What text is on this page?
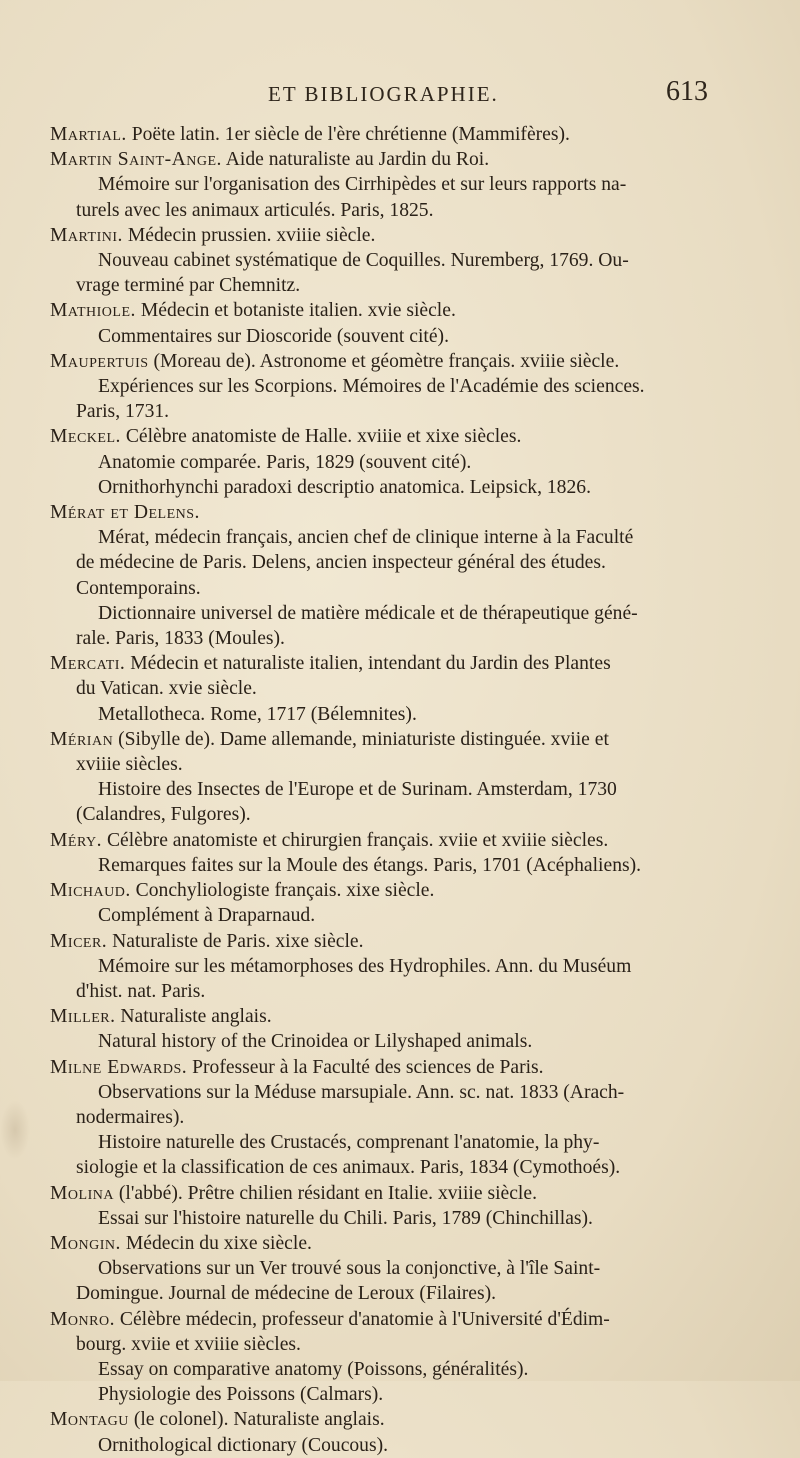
ET BIBLIOGRAPHIE.	613

Martial. Poëte latin. 1er siècle de l'ère chrétienne (Mammifères).

Martin Saint-Ange. Aide naturaliste au Jardin du Roi.

Mémoire sur l'organisation des Cirrhipèdes et sur leurs rapports na-

turels avec les animaux articulés. Paris, 1825.

Martini. Médecin prussien. xviiie siècle.

Nouveau cabinet systématique de Coquilles. Nuremberg, 1769. Ou-

vrage terminé par Chemnitz.

Mathiole. Médecin et botaniste italien. xvie siècle.

Commentaires sur Dioscoride (souvent cité).

Maupertuis (Moreau de). Astronome et géomètre français. xviiie siècle.

Expériences sur les Scorpions. Mémoires de l'Académie des sciences.

Paris, 1731.

Meckel. Célèbre anatomiste de Halle. xviiie et xixe siècles.

Anatomie comparée. Paris, 1829 (souvent cité).

Ornithorhynchi paradoxi descriptio anatomica. Leipsick, 1826.

Mérat et Delens.

Mérat, médecin français, ancien chef de clinique interne à la Faculté

de médecine de Paris. Delens, ancien inspecteur général des études.

Contemporains.

Dictionnaire universel de matière médicale et de thérapeutique géné-

rale. Paris, 1833 (Moules).

Mercati. Médecin et naturaliste italien, intendant du Jardin des Plantes

du Vatican. xvie siècle.

Metallotheca. Rome, 1717 (Bélemnites).

Mérian (Sibylle de). Dame allemande, miniaturiste distinguée. xviie et

xviiie siècles.

Histoire des Insectes de l'Europe et de Surinam. Amsterdam, 1730

(Calandres, Fulgores).

Méry. Célèbre anatomiste et chirurgien français. xviie et xviiie siècles.

Remarques faites sur la Moule des étangs. Paris, 1701 (Acéphaliens).

Michaud. Conchyliologiste français. xixe siècle.

Complément à Draparnaud.

Micer. Naturaliste de Paris. xixe siècle.

Mémoire sur les métamorphoses des Hydrophiles. Ann. du Muséum

d'hist. nat. Paris.

Miller. Naturaliste anglais.

Natural history of the Crinoidea or Lilyshaped animals.

Milne Edwards. Professeur à la Faculté des sciences de Paris.

Observations sur la Méduse marsupiale. Ann. sc. nat. 1833 (Arach-

nodermaires).

Histoire naturelle des Crustacés, comprenant l'anatomie, la phy-

siologie et la classification de ces animaux. Paris, 1834 (Cymothoés).

Molina (l'abbé). Prêtre chilien résidant en Italie. xviiie siècle.

Essai sur l'histoire naturelle du Chili. Paris, 1789 (Chinchillas).

Mongin. Médecin du xixe siècle.

Observations sur un Ver trouvé sous la conjonctive, à l'île Saint-

Domingue. Journal de médecine de Leroux (Filaires).

Monro. Célèbre médecin, professeur d'anatomie à l'Université d'Édim-

bourg. xviie et xviiie siècles.

Essay on comparative anatomy (Poissons, généralités).

Physiologie des Poissons (Calmars).

Montagu (le colonel). Naturaliste anglais.

Ornithological dictionary (Coucous).
